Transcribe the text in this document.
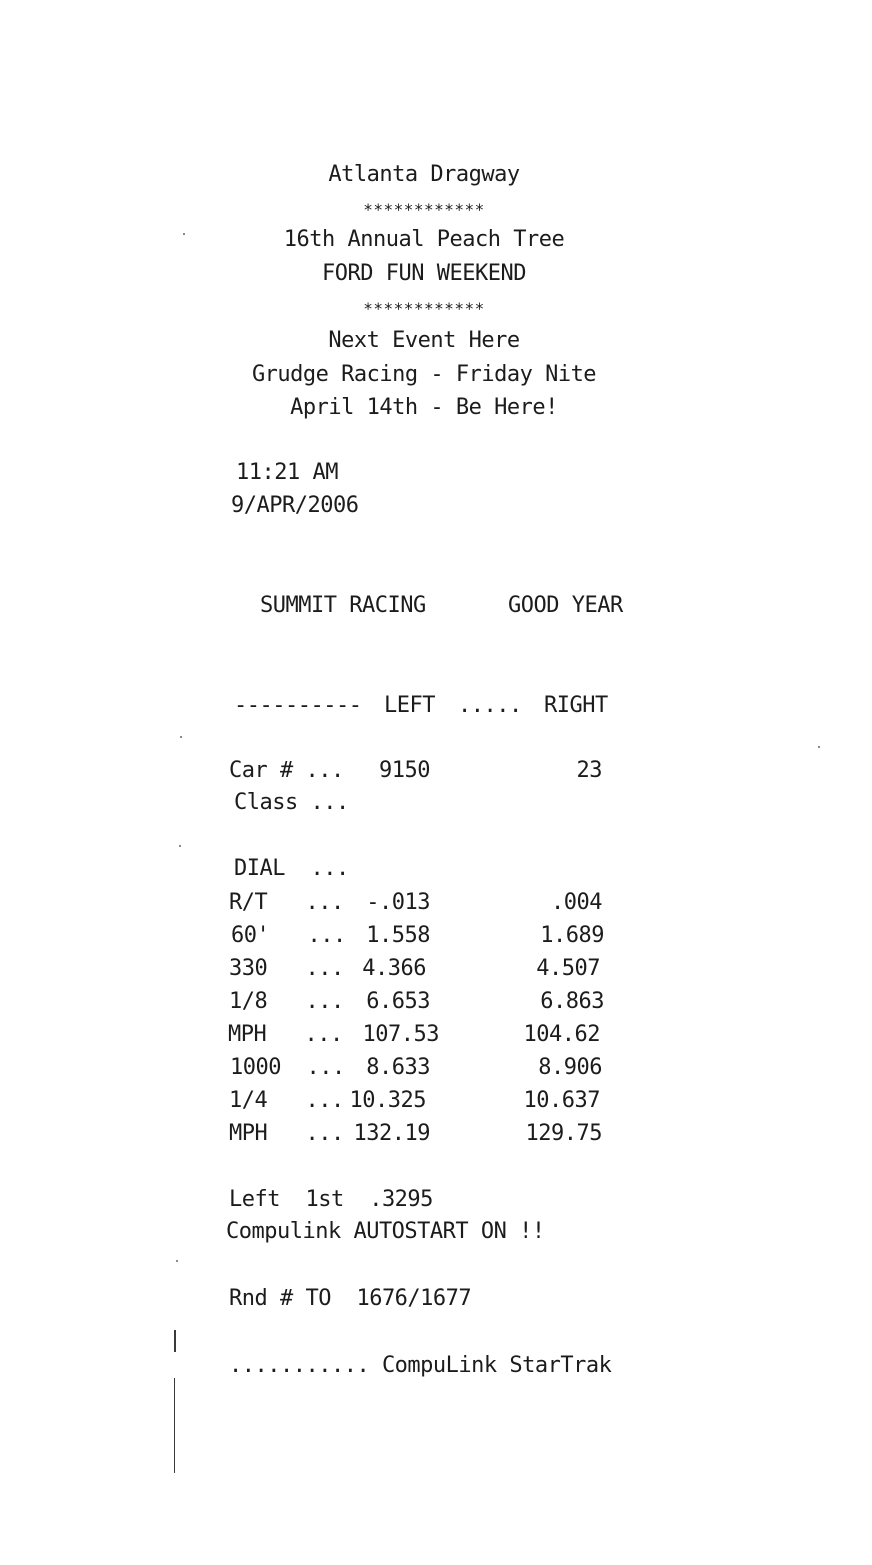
Atlanta Dragway
************
16th Annual Peach Tree
FORD FUN WEEKEND
************
Next Event Here
Grudge Racing - Friday Nite
April 14th - Be Here!
11:21 AM
9/APR/2006
SUMMIT RACING	GOOD YEAR
---------- LEFT ..... RIGHT
Car # ...	9150	23
Class ...
DIAL  ...
R/T   ...	-.013	.004
60'   ... 1.558	1.689
330   ... 4.366	4.507
1/8   ...	6.653	6.863
MPH   ... 107.53	104.62
1000  ... 8.633	8.906
1/4   ... 10.325	10.637
MPH   ... 132.19	129.75
Left  1st  .3295
Compulink AUTOSTART ON !!
Rnd # TO  1676/1677
........... CompuLink StarTrak
